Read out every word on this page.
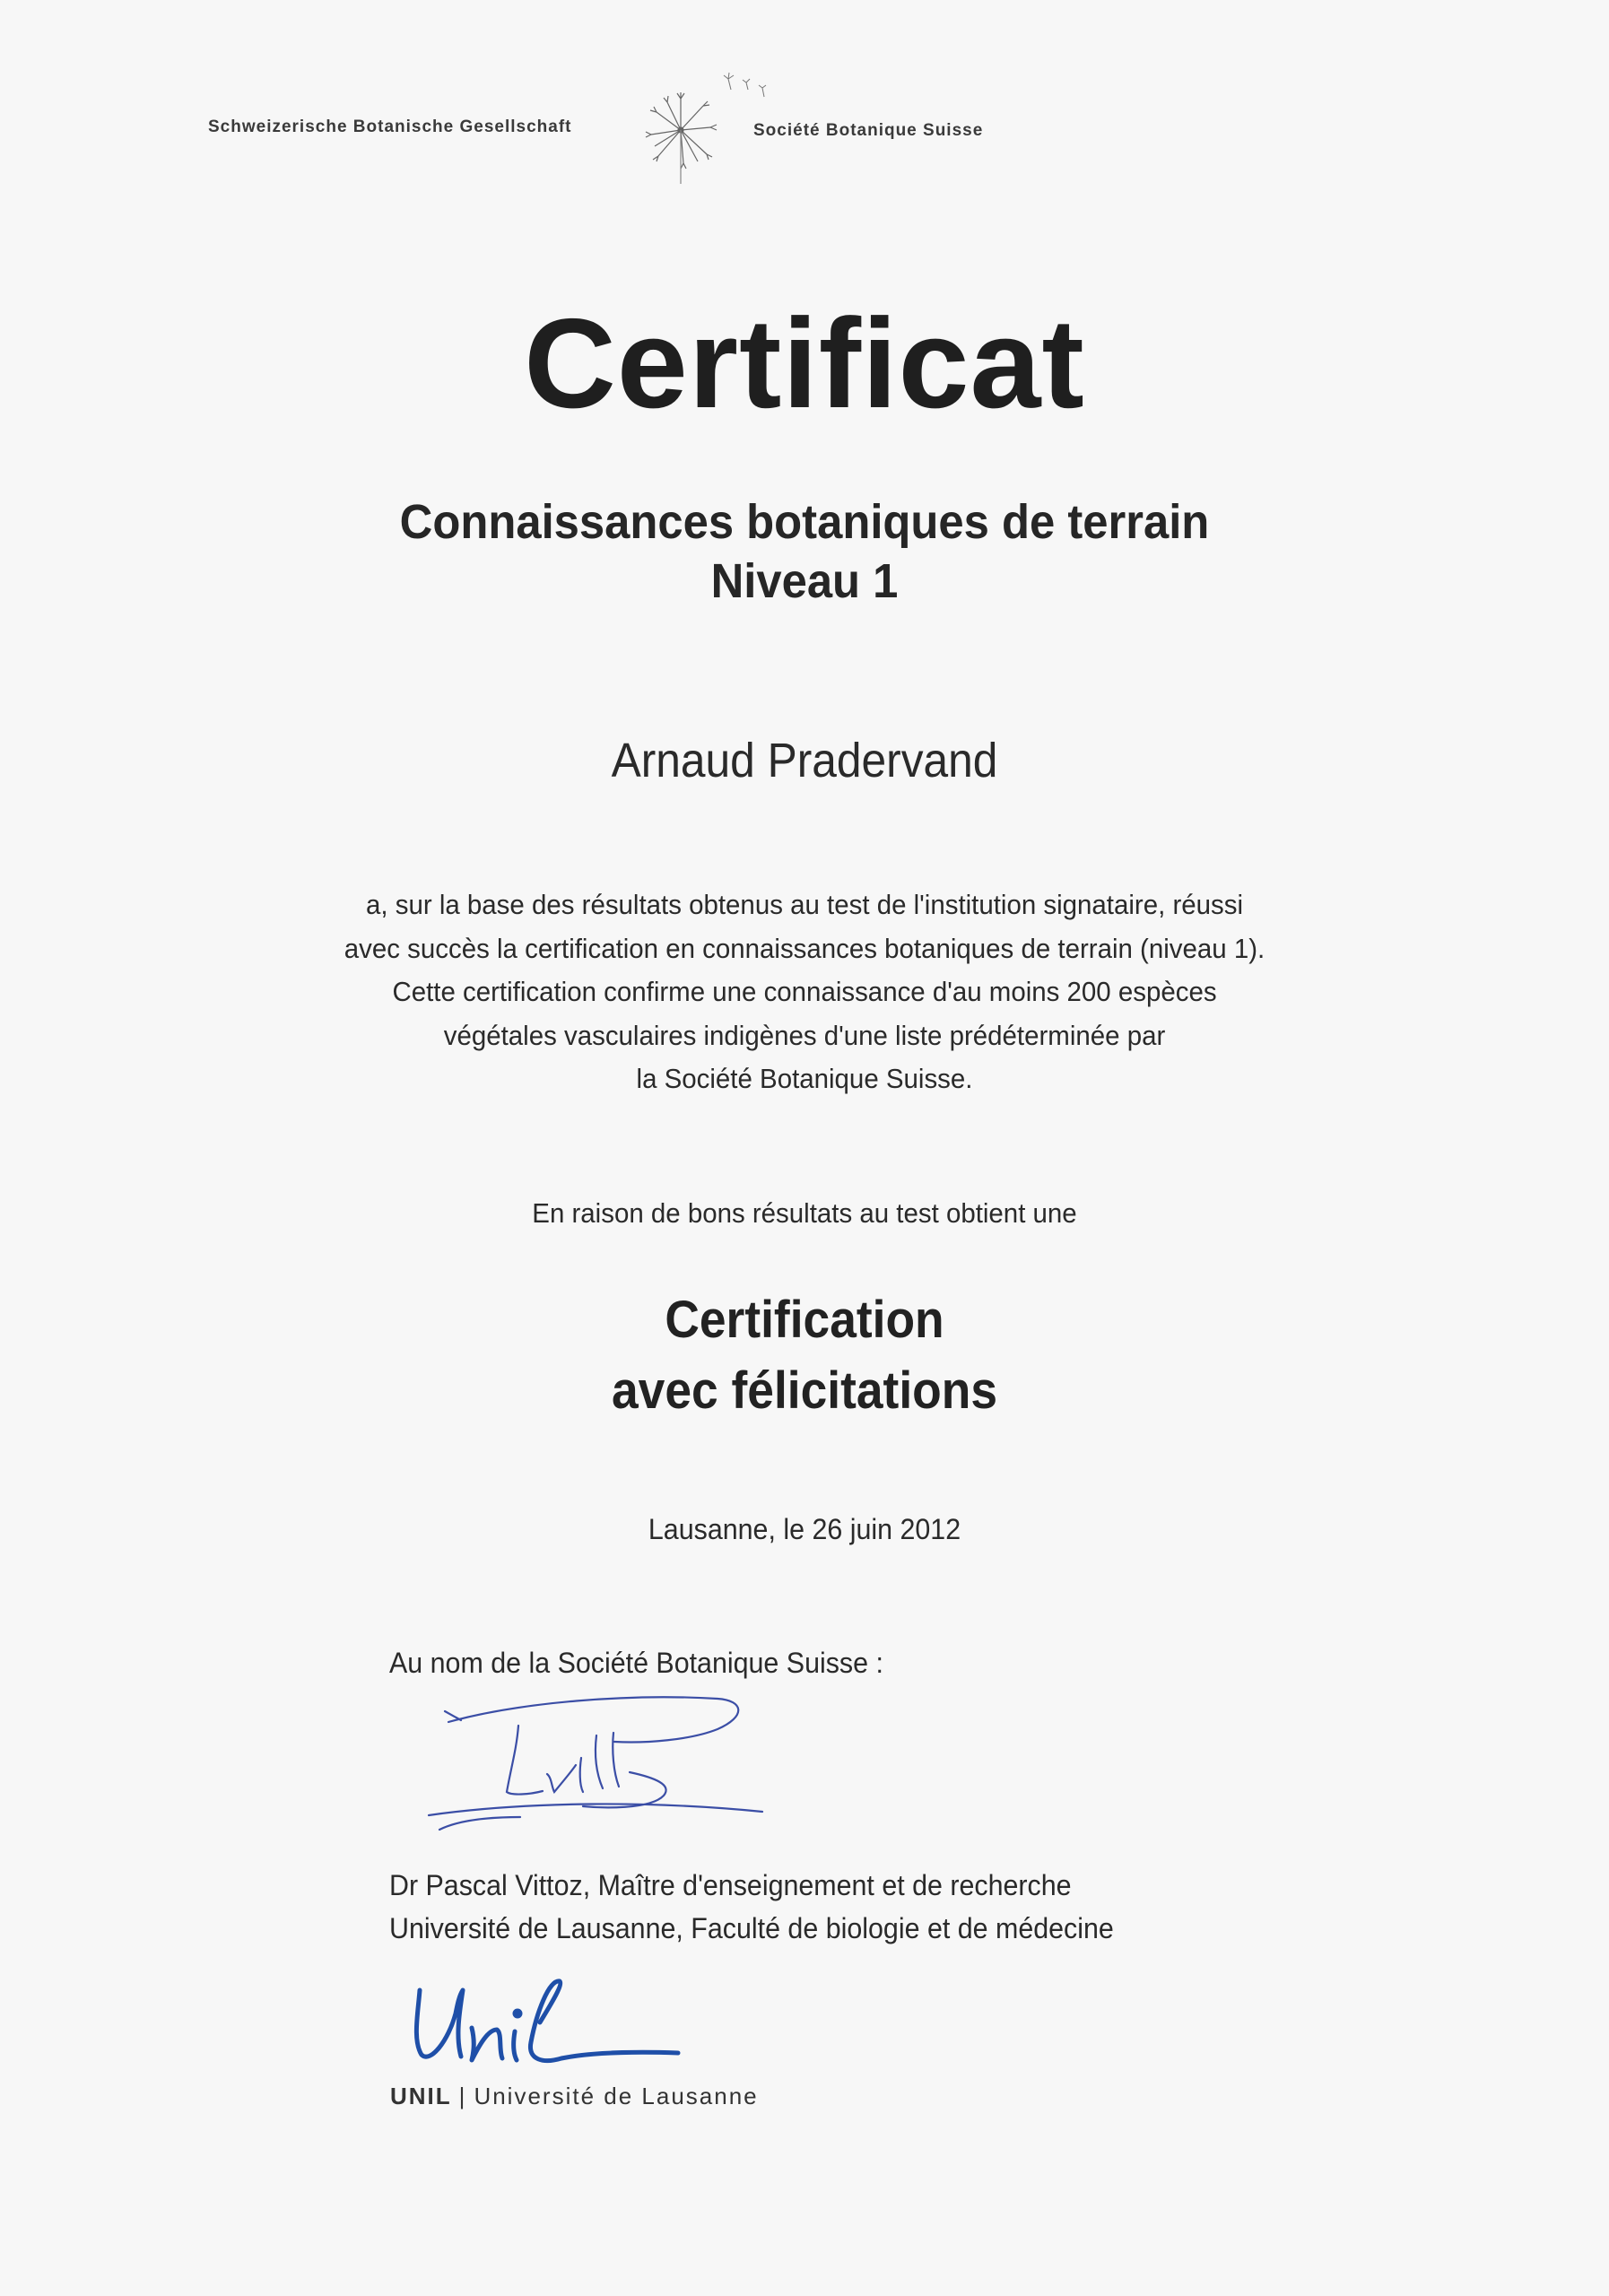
Schweizerische Botanische Gesellschaft	Société Botanique Suisse
Certificat
Connaissances botaniques de terrain
Niveau 1
Arnaud Pradervand
a, sur la base des résultats obtenus au test de l'institution signataire, réussi
avec succès la certification en connaissances botaniques de terrain (niveau 1).
Cette certification confirme une connaissance d'au moins 200 espèces
végétales vasculaires indigènes d'une liste prédéterminée par
la Société Botanique Suisse.
En raison de bons résultats au test obtient une
Certification
avec félicitations
Lausanne, le 26 juin 2012
Au nom de la Société Botanique Suisse :
Dr Pascal Vittoz, Maître d'enseignement et de recherche
Université de Lausanne, Faculté de biologie et de médecine
UNIL | Université de Lausanne
